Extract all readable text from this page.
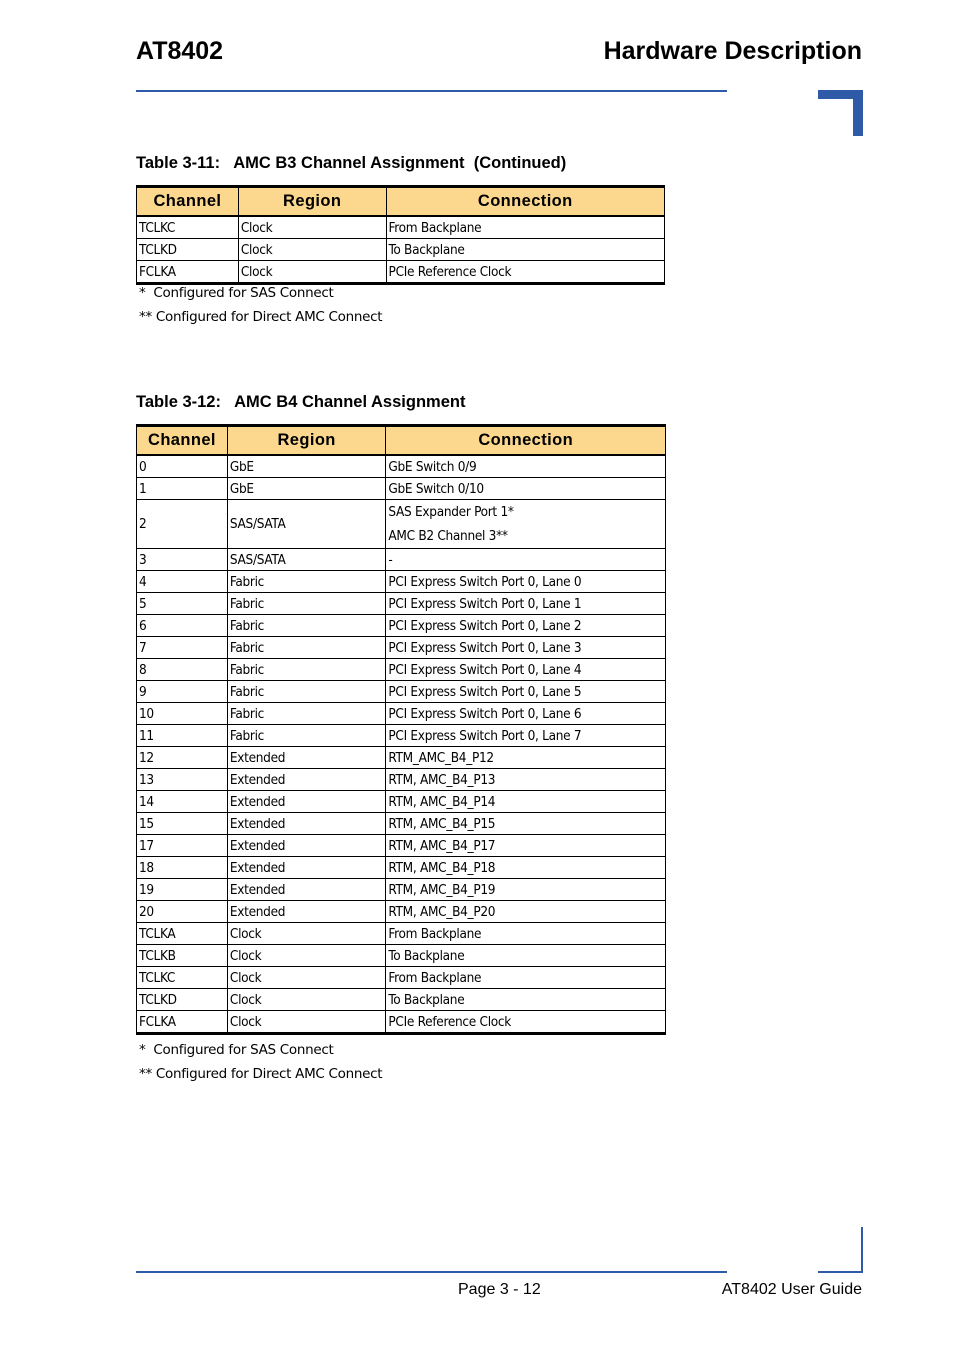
AT8402	Hardware Description
Table 3-11:   AMC B3 Channel Assignment  (Continued)
Channel	Region	Connection
TCLKC	Clock	From Backplane
TCLKD	Clock	To Backplane
FCLKA	Clock	PCIe Reference Clock
*  Configured for SAS Connect
** Configured for Direct AMC Connect
Table 3-12:   AMC B4 Channel Assignment
Channel	Region	Connection
0	GbE	GbE Switch 0/9
1	GbE	GbE Switch 0/10
2	SAS/SATA	SAS Expander Port 1*
AMC B2 Channel 3**

3	SAS/SATA	-
4	Fabric	PCI Express Switch Port 0, Lane 0
5	Fabric	PCI Express Switch Port 0, Lane 1
6	Fabric	PCI Express Switch Port 0, Lane 2
7	Fabric	PCI Express Switch Port 0, Lane 3
8	Fabric	PCI Express Switch Port 0, Lane 4
9	Fabric	PCI Express Switch Port 0, Lane 5
10	Fabric	PCI Express Switch Port 0, Lane 6
11	Fabric	PCI Express Switch Port 0, Lane 7
12	Extended	RTM_AMC_B4_P12
13	Extended	RTM, AMC_B4_P13
14	Extended	RTM, AMC_B4_P14
15	Extended	RTM, AMC_B4_P15
17	Extended	RTM, AMC_B4_P17
18	Extended	RTM, AMC_B4_P18
19	Extended	RTM, AMC_B4_P19
20	Extended	RTM, AMC_B4_P20
TCLKA	Clock	From Backplane
TCLKB	Clock	To Backplane
TCLKC	Clock	From Backplane
TCLKD	Clock	To Backplane
FCLKA	Clock	PCIe Reference Clock
*  Configured for SAS Connect
** Configured for Direct AMC Connect
Page 3 - 12	AT8402 User Guide
